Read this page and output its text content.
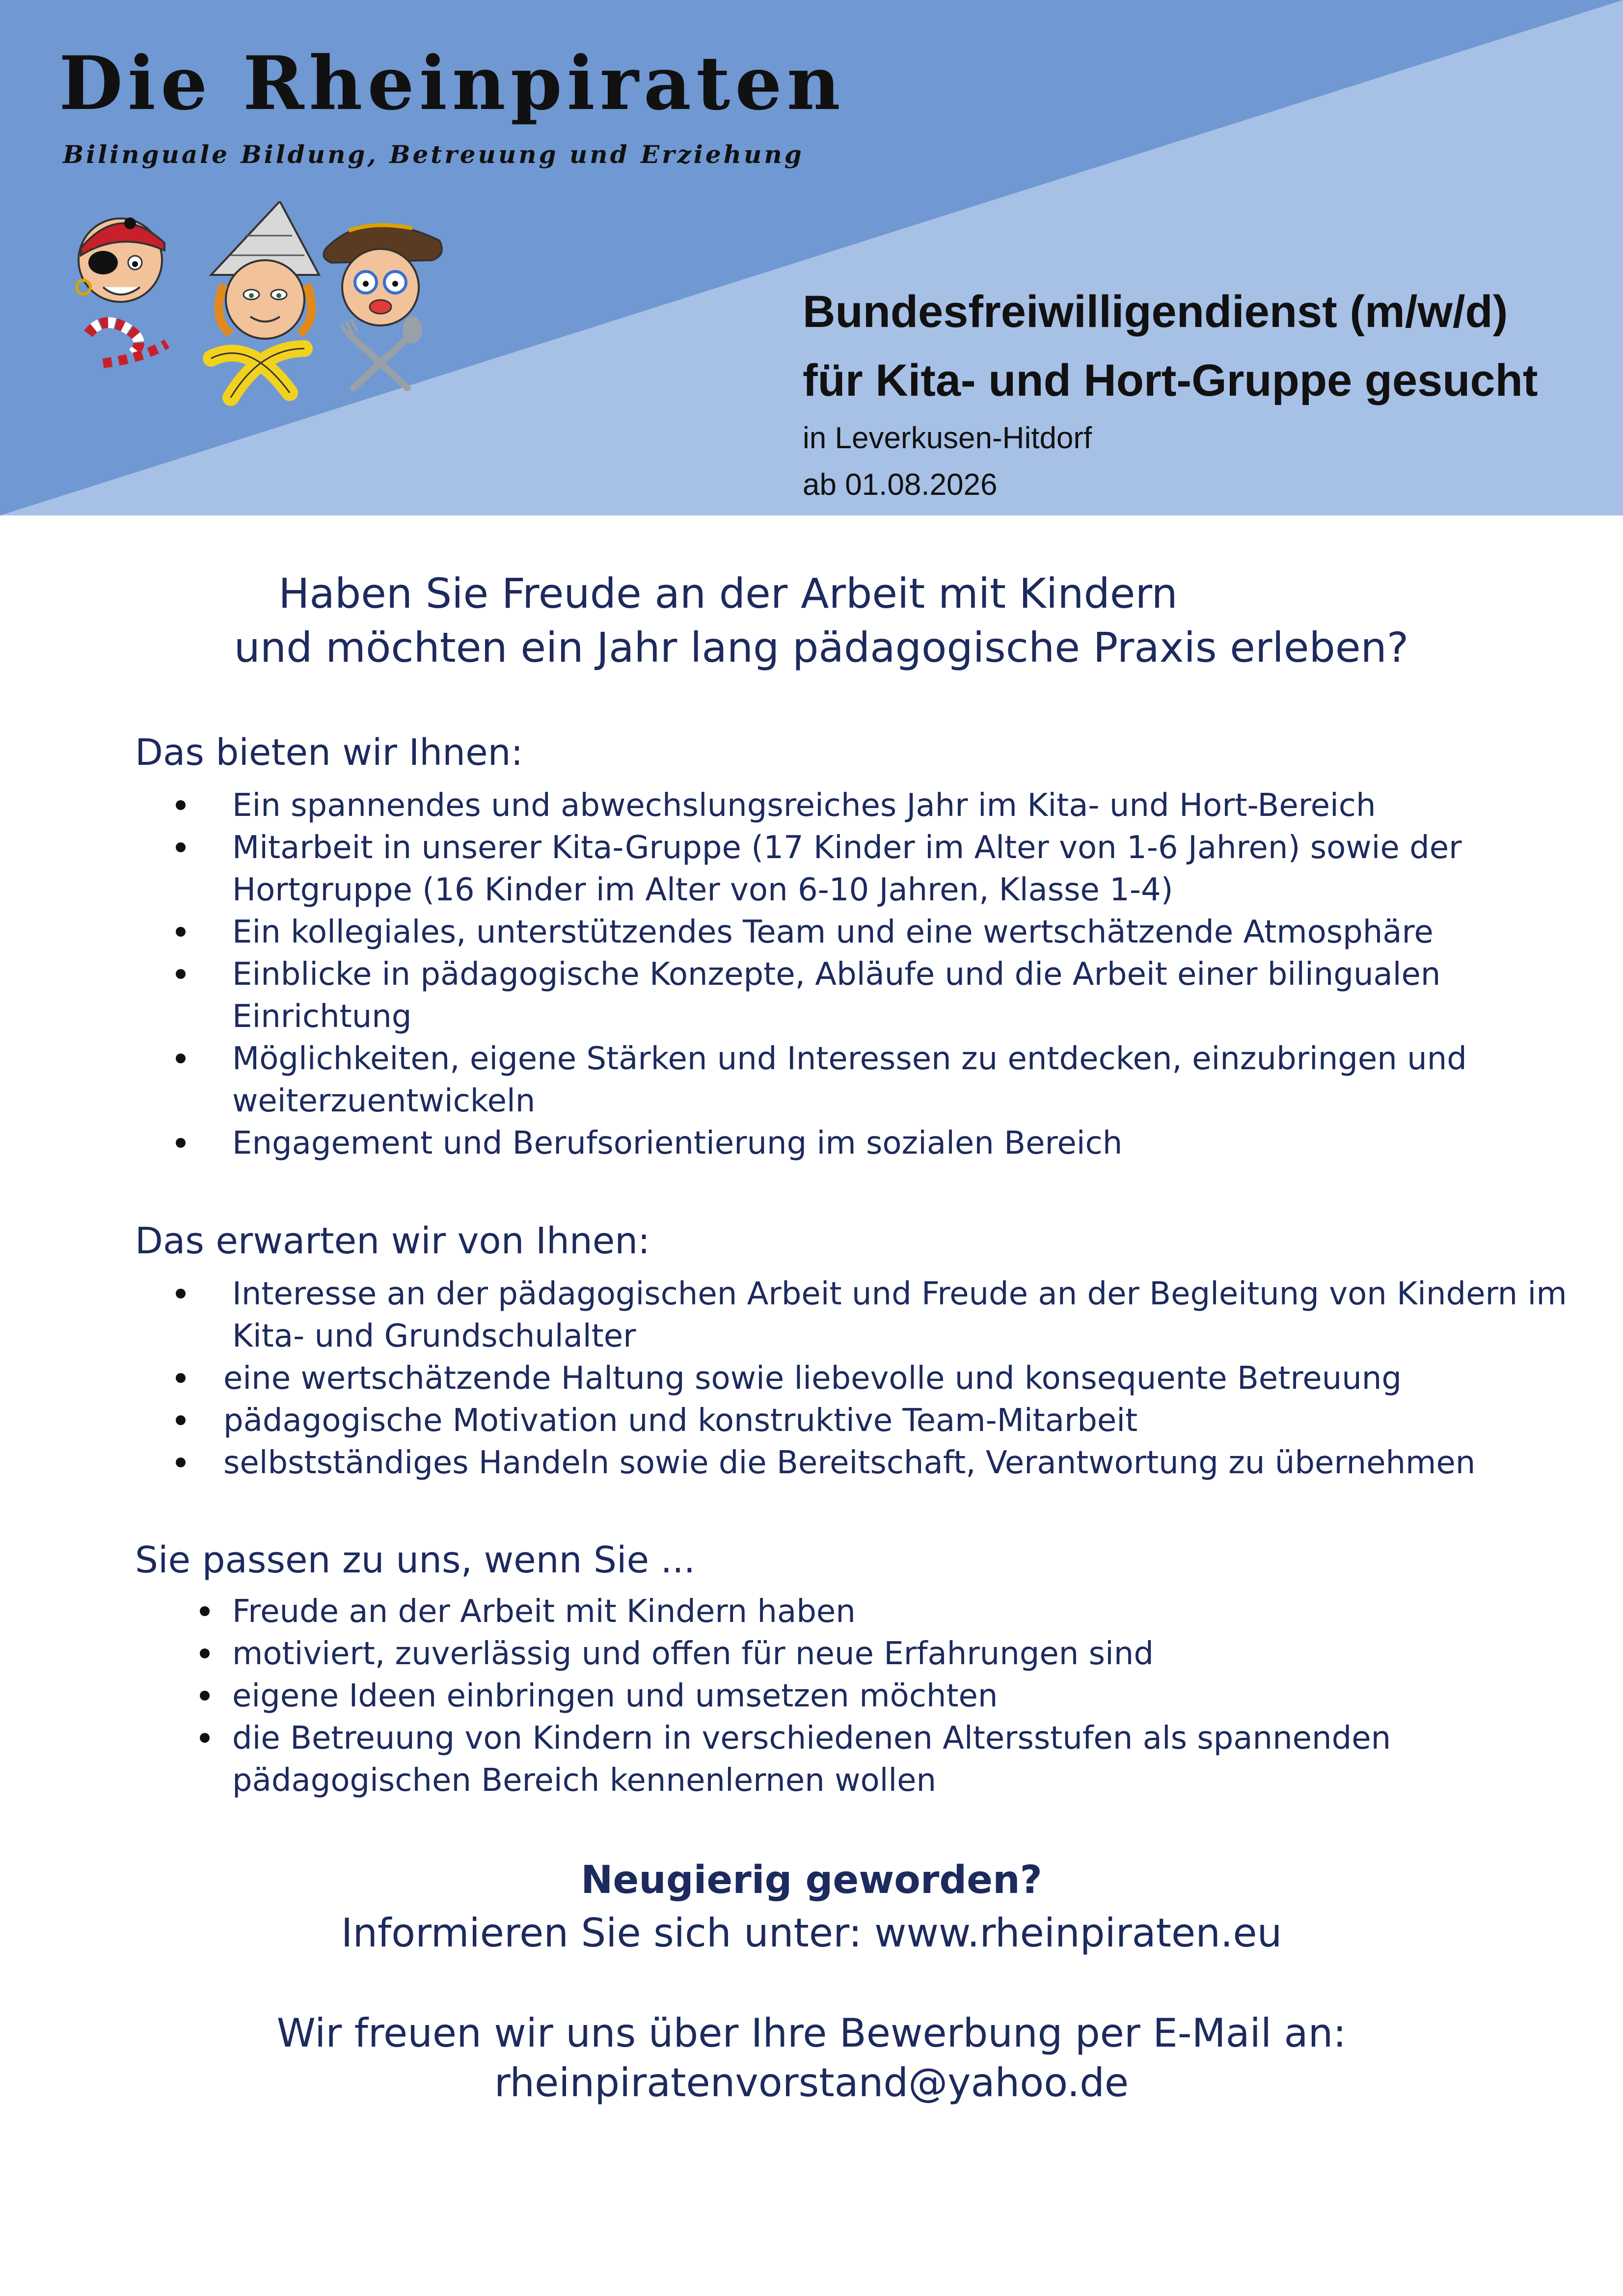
Die Rheinpiraten
Bilinguale Bildung, Betreuung und Erziehung
Bundesfreiwilligendienst (m/w/d)
für Kita- und Hort-Gruppe gesucht
in Leverkusen-Hitdorf
ab 01.08.2026
Haben Sie Freude an der Arbeit mit Kindern
und möchten ein Jahr lang pädagogische Praxis erleben?
Das bieten wir Ihnen:
Ein spannendes und abwechslungsreiches Jahr im Kita- und Hort-Bereich
Mitarbeit in unserer Kita-Gruppe (17 Kinder im Alter von 1-6 Jahren) sowie der
Hortgruppe (16 Kinder im Alter von 6-10 Jahren, Klasse 1-4)
Ein kollegiales, unterstützendes Team und eine wertschätzende Atmosphäre
Einblicke in pädagogische Konzepte, Abläufe und die Arbeit einer bilingualen
Einrichtung
Möglichkeiten, eigene Stärken und Interessen zu entdecken, einzubringen und
weiterzuentwickeln
Engagement und Berufsorientierung im sozialen Bereich
Das erwarten wir von Ihnen:
Interesse an der pädagogischen Arbeit und Freude an der Begleitung von Kindern im
Kita- und Grundschulalter
eine wertschätzende Haltung sowie liebevolle und konsequente Betreuung
pädagogische Motivation und konstruktive Team-Mitarbeit
selbstständiges Handeln sowie die Bereitschaft, Verantwortung zu übernehmen
Sie passen zu uns, wenn Sie ...
Freude an der Arbeit mit Kindern haben
motiviert, zuverlässig und offen für neue Erfahrungen sind
eigene Ideen einbringen und umsetzen möchten
die Betreuung von Kindern in verschiedenen Altersstufen als spannenden
pädagogischen Bereich kennenlernen wollen
Neugierig geworden?
Informieren Sie sich unter: www.rheinpiraten.eu
Wir freuen wir uns über Ihre Bewerbung per E-Mail an:
rheinpiratenvorstand@yahoo.de
